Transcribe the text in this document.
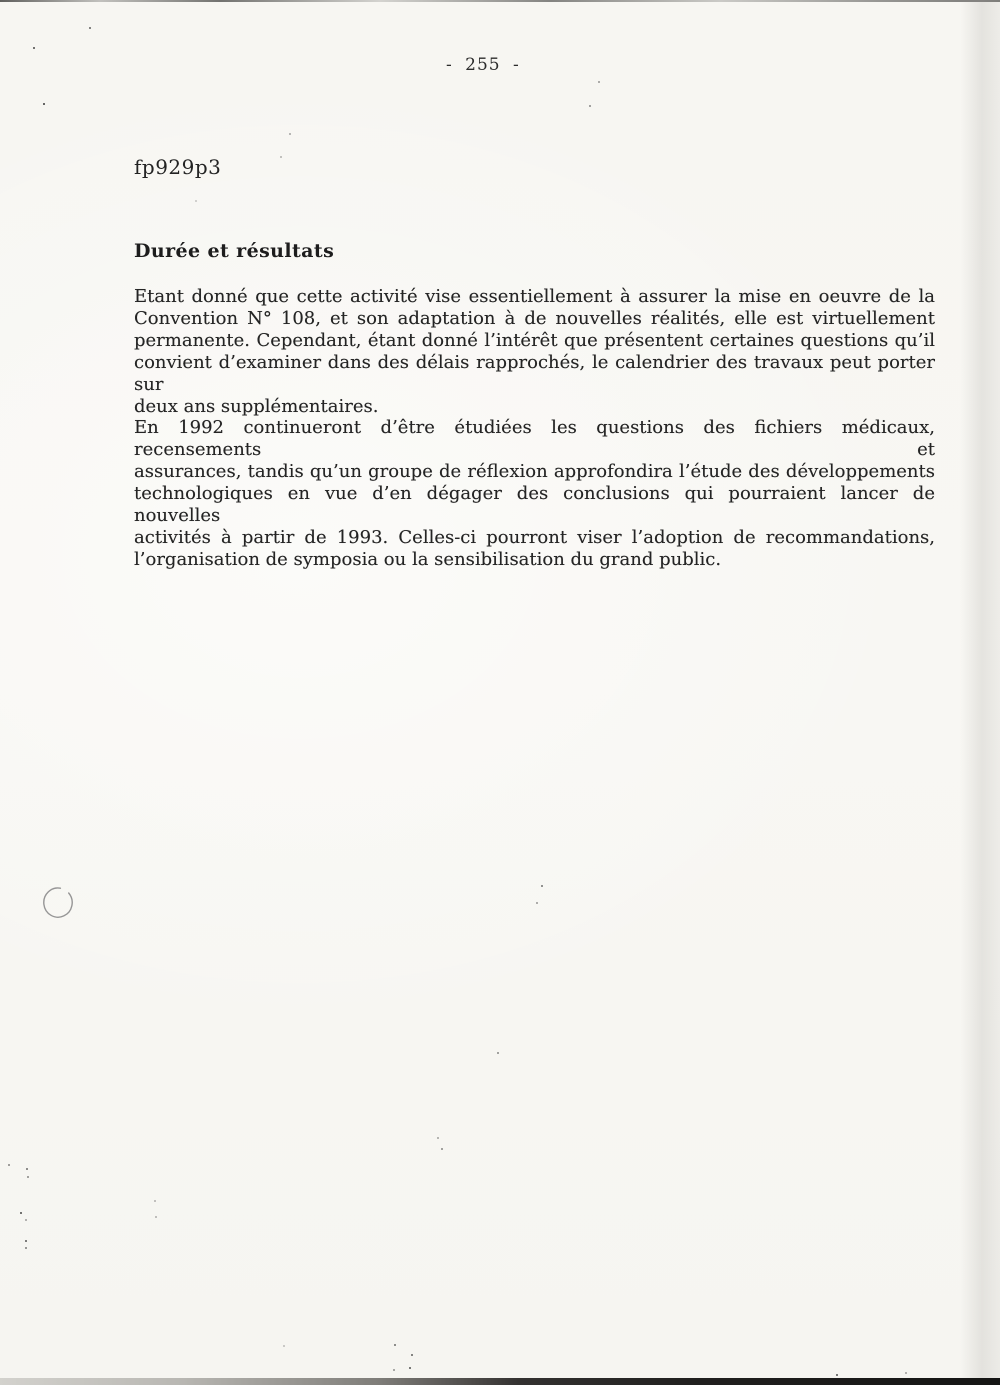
- 255 -
fp929p3
Durée et résultats
Etant donné que cette activité vise essentiellement à assurer la mise en oeuvre de la
Convention N° 108, et son adaptation à de nouvelles réalités, elle est virtuellement
permanente. Cependant, étant donné l’intérêt que présentent certaines questions qu’il
convient d’examiner dans des délais rapprochés, le calendrier des travaux peut porter sur
deux ans supplémentaires.
En 1992 continueront d’être étudiées les questions des fichiers médicaux, recensements et
assurances, tandis qu’un groupe de réflexion approfondira l’étude des développements
technologiques en vue d’en dégager des conclusions qui pourraient lancer de nouvelles
activités à partir de 1993. Celles-ci pourront viser l’adoption de recommandations,
l’organisation de symposia ou la sensibilisation du grand public.
